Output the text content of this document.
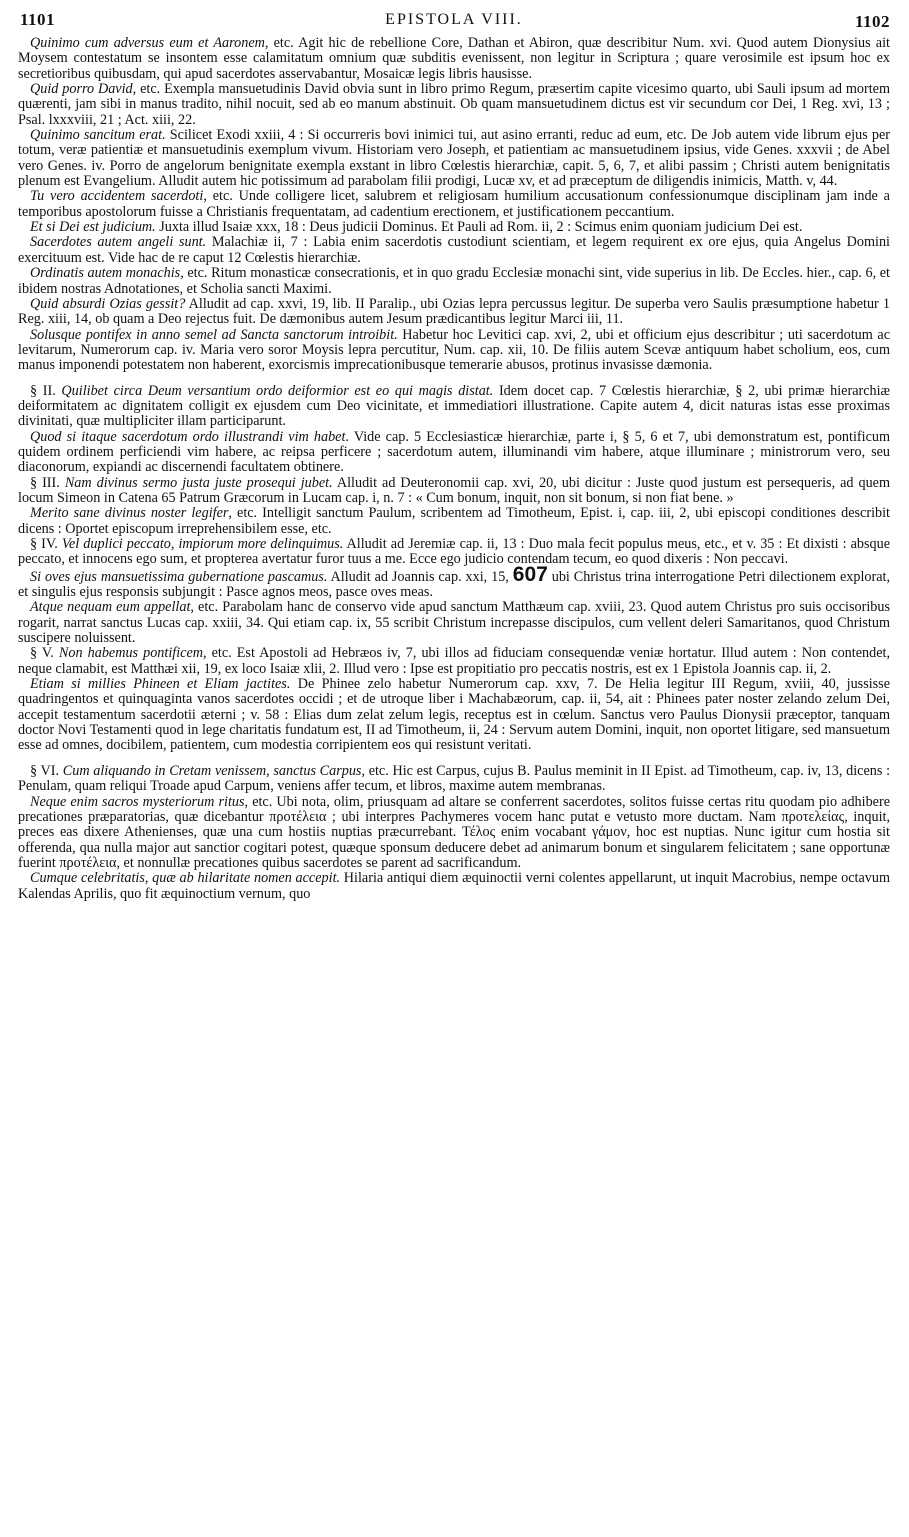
1101	EPISTOLA VIII.	1102

Quinimo cum adversus eum et Aaronem, etc. Agit hic de rebellione Core, Dathan et Abiron, quæ describitur Num. xvi. Quod autem Dionysius ait Moysem contestatum se insontem esse calamitatum omnium quæ subditis evenissent, non legitur in Scriptura ; quare verosimile est ipsum hoc ex secretioribus quibusdam, qui apud sacerdotes asservabantur, Mosaicæ legis libris hausisse.

Quid porro David, etc. Exempla mansuetudinis David obvia sunt in libro primo Regum, præsertim capite vicesimo quarto, ubi Sauli ipsum ad mortem quærenti, jam sibi in manus tradito, nihil nocuit, sed ab eo manum abstinuit. Ob quam mansuetudinem dictus est vir secundum cor Dei, 1 Reg. xvi, 13 ; Psal. lxxxviii, 21 ; Act. xiii, 22.

Quinimo sancitum erat. Scilicet Exodi xxiii, 4 : Si occurreris bovi inimici tui, aut asino erranti, reduc ad eum, etc. De Job autem vide librum ejus per totum, veræ patientiæ et mansuetudinis exemplum vivum. Historiam vero Joseph, et patientiam ac mansuetudinem ipsius, vide Genes. xxxvii ; de Abel vero Genes. iv. Porro de angelorum benignitate exempla exstant in libro Cœlestis hierarchiæ, capit. 5, 6, 7, et alibi passim ; Christi autem benignitatis plenum est Evangelium. Alludit autem hic potissimum ad parabolam filii prodigi, Lucæ xv, et ad præceptum de diligendis inimicis, Matth. v, 44.

Tu vero accidentem sacerdoti, etc. Unde colligere licet, salubrem et religiosam humilium accusationum confessionumque disciplinam jam inde a temporibus apostolorum fuisse a Christianis frequentatam, ad cadentium erectionem, et justificationem peccantium.

Et si Dei est judicium. Juxta illud Isaiæ xxx, 18 : Deus judicii Dominus. Et Pauli ad Rom. ii, 2 : Scimus enim quoniam judicium Dei est.

Sacerdotes autem angeli sunt. Malachiæ ii, 7 : Labia enim sacerdotis custodiunt scientiam, et legem requirent ex ore ejus, quia Angelus Domini exercituum est. Vide hac de re caput 12 Cœlestis hierarchiæ.

Ordinatis autem monachis, etc. Ritum monasticæ consecrationis, et in quo gradu Ecclesiæ monachi sint, vide superius in lib. De Eccles. hier., cap. 6, et ibidem nostras Adnotationes, et Scholia sancti Maximi.

Quid absurdi Ozias gessit? Alludit ad cap. xxvi, 19, lib. II Paralip., ubi Ozias lepra percussus legitur. De superba vero Saulis præsumptione habetur 1 Reg. xiii, 14, ob quam a Deo rejectus fuit. De dæmonibus autem Jesum prædicantibus legitur Marci iii, 11.

Solusque pontifex in anno semel ad Sancta sanctorum introibit. Habetur hoc Levitici cap. xvi, 2, ubi et officium ejus describitur ; uti sacerdotum ac levitarum, Numerorum cap. iv. Maria vero soror Moysis lepra percutitur, Num. cap. xii, 10. De filiis autem Scevæ antiquum habet scholium, eos, cum manus imponendi potestatem non haberent, exorcismis imprecationibusque temerarie abusos, protinus invasisse dæmonia.

§ II. Quilibet circa Deum versantium ordo deiformior est eo qui magis distat. Idem docet cap. 7 Cœlestis hierarchiæ, § 2, ubi primæ hierarchiæ deiformitatem ac dignitatem colligit ex ejusdem cum Deo vicinitate, et immediatiori illustratione. Capite autem 4, dicit naturas istas esse proximas divinitati, quæ multipliciter illam participarunt.

Quod si itaque sacerdotum ordo illustrandi vim habet. Vide cap. 5 Ecclesiasticæ hierarchiæ, parte i, § 5, 6 et 7, ubi demonstratum est, pontificum quidem ordinem perficiendi vim habere, ac reipsa perficere ; sacerdotum autem, illuminandi vim habere, atque illuminare ; ministrorum vero, seu diaconorum, expiandi ac discernendi facultatem obtinere.

§ III. Nam divinus sermo justa juste prosequi jubet. Alludit ad Deuteronomii cap. xvi, 20, ubi dicitur : Juste quod justum est persequeris, ad quem locum Simeon in Catena 65 Patrum Græcorum in Lucam cap. i, n. 7 : « Cum bonum, inquit, non sit bonum, si non fiat bene. »

Merito sane divinus noster legifer, etc. Intelligit sanctum Paulum, scribentem ad Timotheum, Epist. i, cap. iii, 2, ubi episcopi conditiones describit dicens : Oportet episcopum irreprehensibilem esse, etc.

§ IV. Vel duplici peccato, impiorum more delinquimus. Alludit ad Jeremiæ cap. ii, 13 : Duo mala fecit populus meus, etc., et v. 35 : Et dixisti : absque peccato, et innocens ego sum, et propterea avertatur furor tuus a me. Ecce ego judicio contendam tecum, eo quod dixeris : Non peccavi.

Si oves ejus mansuetissima gubernatione pascamus. Alludit ad Joannis cap. xxi, 15, 607 ubi Christus trina interrogatione Petri dilectionem explorat, et singulis ejus responsis subjungit : Pasce agnos meos, pasce oves meas.

Atque nequam eum appellat, etc. Parabolam hanc de conservo vide apud sanctum Matthæum cap. xviii, 23. Quod autem Christus pro suis occisoribus rogarit, narrat sanctus Lucas cap. xxiii, 34. Qui etiam cap. ix, 55 scribit Christum increpasse discipulos, cum vellent deleri Samaritanos, quod Christum suscipere noluissent.

§ V. Non habemus pontificem, etc. Est Apostoli ad Hebræos iv, 7, ubi illos ad fiduciam consequendæ veniæ hortatur. Illud autem : Non contendet, neque clamabit, est Matthæi xii, 19, ex loco Isaiæ xlii, 2. Illud vero : Ipse est propitiatio pro peccatis nostris, est ex 1 Epistola Joannis cap. ii, 2.

Etiam si millies Phineen et Eliam jactites. De Phinee zelo habetur Numerorum cap. xxv, 7. De Helia legitur III Regum, xviii, 40, jussisse quadringentos et quinquaginta vanos sacerdotes occidi ; et de utroque liber i Machabæorum, cap. ii, 54, ait : Phinees pater noster zelando zelum Dei, accepit testamentum sacerdotii æterni ; v. 58 : Elias dum zelat zelum legis, receptus est in cœlum. Sanctus vero Paulus Dionysii præceptor, tanquam doctor Novi Testamenti quod in lege charitatis fundatum est, II ad Timotheum, ii, 24 : Servum autem Domini, inquit, non oportet litigare, sed mansuetum esse ad omnes, docibilem, patientem, cum modestia corripientem eos qui resistunt veritati.

§ VI. Cum aliquando in Cretam venissem, sanctus Carpus, etc. Hic est Carpus, cujus B. Paulus meminit in II Epist. ad Timotheum, cap. iv, 13, dicens : Penulam, quam reliqui Troade apud Carpum, veniens affer tecum, et libros, maxime autem membranas.

Neque enim sacros mysteriorum ritus, etc. Ubi nota, olim, priusquam ad altare se conferrent sacerdotes, solitos fuisse certas ritu quodam pio adhibere precationes præparatorias, quæ dicebantur προτέλεια ; ubi interpres Pachymeres vocem hanc putat e vetusto more ductam. Nam προτελείας, inquit, preces eas dixere Athenienses, quæ una cum hostiis nuptias præcurrebant. Τέλος enim vocabant γάμον, hoc est nuptias. Nunc igitur cum hostia sit offerenda, qua nulla major aut sanctior cogitari potest, quæque sponsum deducere debet ad animarum bonum et singularem felicitatem ; sane opportunæ fuerint προτέλεια, et nonnullæ precationes quibus sacerdotes se parent ad sacrificandum.

Cumque celebritatis, quæ ab hilaritate nomen accepit. Hilaria antiqui diem æquinoctii verni colentes appellarunt, ut inquit Macrobius, nempe octavum Kalendas Aprilis, quo fit æquinoctium vernum, quo
